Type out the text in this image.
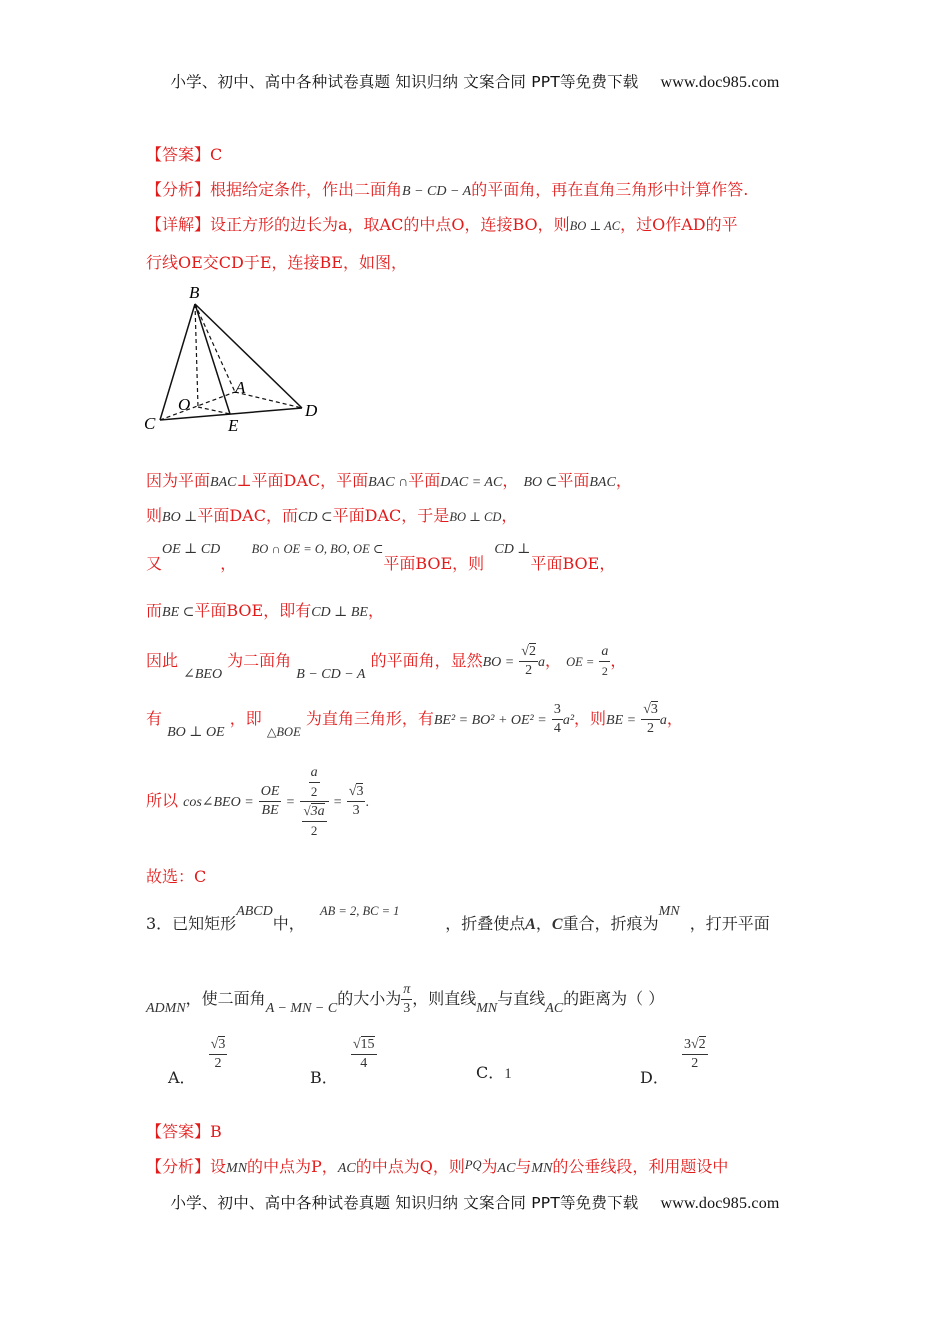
小学、初中、高中各种试卷真题 知识归纳 文案合同 PPT等免费下载 www.doc985.com
【答案】C
【分析】根据给定条件，作出二面角B − CD − A的平面角，再在直角三角形中计算作答.
【详解】设正方形的边长为a，取AC的中点O，连接BO，则BO ⊥ AC，过O作AD的平
行线OE交CD于E，连接BE，如图，
B
A
O
C
D
E
因为平面BAC⊥平面DAC，平面BAC ∩平面DAC = AC， BO ⊂平面BAC，
则BO ⊥平面DAC，而CD ⊂平面DAC，于是BO ⊥ CD，
又OE ⊥ CD，   BO ∩ OE = O, BO, OE ⊂平面BOE，则  CD ⊥平面BOE，
而BE ⊂平面BOE，即有CD ⊥ BE，
因此 ∠BEO 为二面角 B − CD − A 的平面角，显然BO = $\frac{√2}{2}$ a， OE = $\frac{a}{2}$ ，
有 BO ⊥ OE ，即 $_{\triangle BOE}$ 为直角三角形，有$BE^2 = BO^2 + OE^2 = \frac{3}{4} a^2$，则BE = $\frac{√3}{2}$ a，
所以 cos∠BEO = $\frac{OE}{BE} = \frac{\frac{a}{2}}{\frac{√3a}{2}} = \frac{√3}{3}$ .
故选：C
3．已知矩形ABCD中，   AB = 2, BC = 1         ，折叠使点A，C重合，折痕为MN  ，打开平面
ADMN，使二面角A − MN − C的大小为 $\frac{\pi}{3}$ ，则直线MN与直线AC的距离为（ ）
A．
$\frac{√3}{2}$
B．
$\frac{√15}{4}$	C．1	D．
$\frac{3√2}{2}$
【答案】B
【分析】设MN的中点为P，AC的中点为Q，则PQ为AC与MN的公垂线段，利用题设中
小学、初中、高中各种试卷真题 知识归纳 文案合同 PPT等免费下载 www.doc985.com
